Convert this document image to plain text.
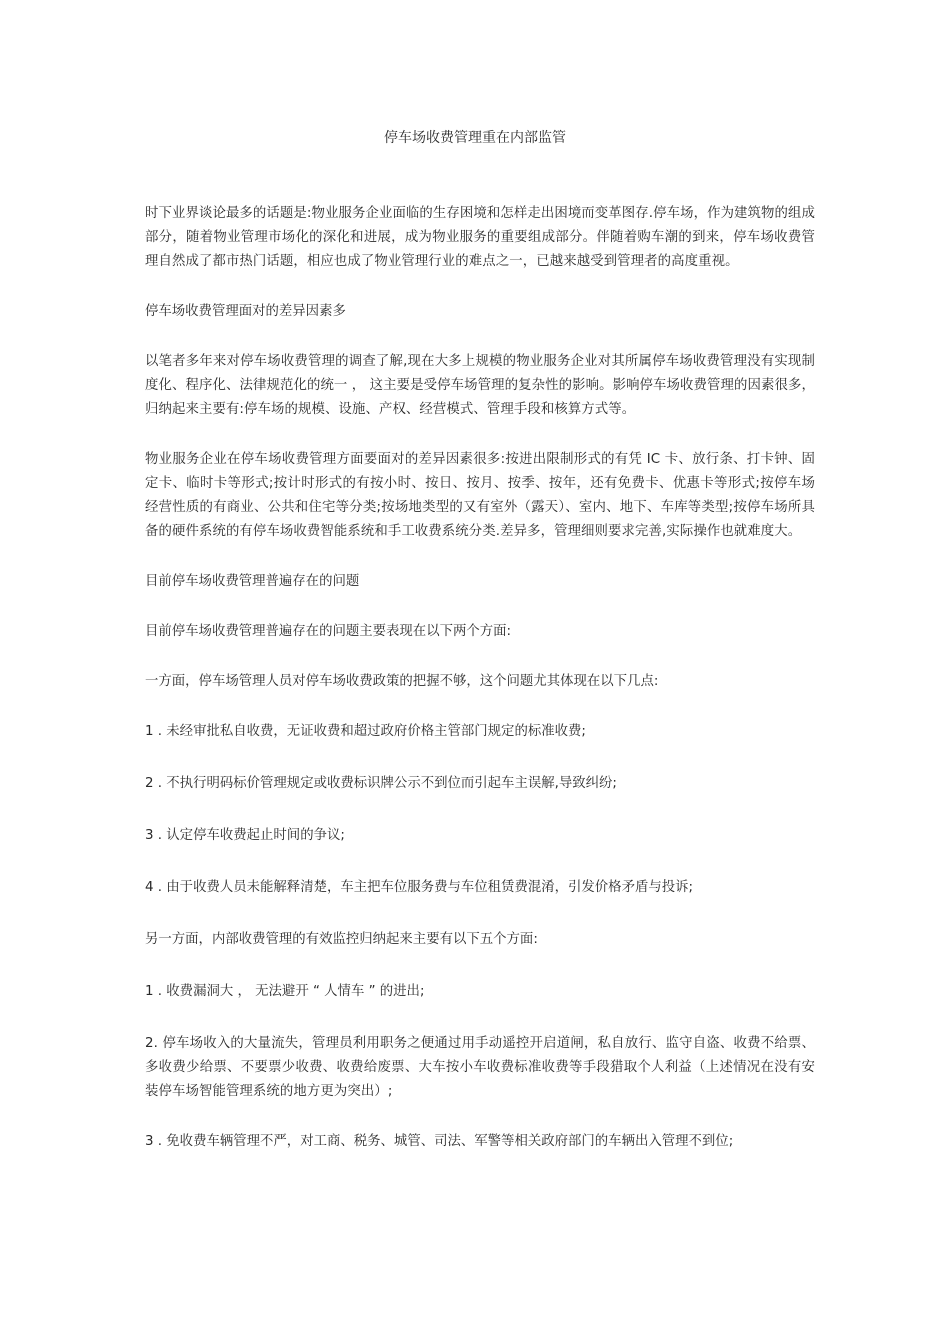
停车场收费管理重在内部监管

时下业界谈论最多的话题是:物业服务企业面临的生存困境和怎样走出困境而变革图存.停车场，作为建筑物的组成部分，随着物业管理市场化的深化和进展，成为物业服务的重要组成部分。伴随着购车潮的到来，停车场收费管理自然成了都市热门话题，相应也成了物业管理行业的难点之一，已越来越受到管理者的高度重视。

停车场收费管理面对的差异因素多

以笔者多年来对停车场收费管理的调查了解,现在大多上规模的物业服务企业对其所属停车场收费管理没有实现制度化、程序化、法律规范化的统一 ， 这主要是受停车场管理的复杂性的影响。影响停车场收费管理的因素很多，归纳起来主要有:停车场的规模、设施、产权、经营模式、管理手段和核算方式等。

物业服务企业在停车场收费管理方面要面对的差异因素很多:按进出限制形式的有凭 IC 卡、放行条、打卡钟、固定卡、临时卡等形式;按计时形式的有按小时、按日、按月、按季、按年，还有免费卡、优惠卡等形式;按停车场经营性质的有商业、公共和住宅等分类;按场地类型的又有室外（露天）、室内、地下、车库等类型;按停车场所具备的硬件系统的有停车场收费智能系统和手工收费系统分类.差异多，管理细则要求完善,实际操作也就难度大。

目前停车场收费管理普遍存在的问题

目前停车场收费管理普遍存在的问题主要表现在以下两个方面:

一方面，停车场管理人员对停车场收费政策的把握不够，这个问题尤其体现在以下几点:

1 . 未经审批私自收费，无证收费和超过政府价格主管部门规定的标准收费;

2 . 不执行明码标价管理规定或收费标识牌公示不到位而引起车主误解,导致纠纷;

3 . 认定停车收费起止时间的争议;

4 . 由于收费人员未能解释清楚，车主把车位服务费与车位租赁费混淆，引发价格矛盾与投诉;

另一方面，内部收费管理的有效监控归纳起来主要有以下五个方面:

1 . 收费漏洞大 ， 无法避开 “ 人情车 ” 的进出;

2. 停车场收入的大量流失，管理员利用职务之便通过用手动遥控开启道闸，私自放行、监守自盗、收费不给票、多收费少给票、不要票少收费、收费给废票、大车按小车收费标准收费等手段猎取个人利益（上述情况在没有安装停车场智能管理系统的地方更为突出）;

3 . 免收费车辆管理不严，对工商、税务、城管、司法、军警等相关政府部门的车辆出入管理不到位;
